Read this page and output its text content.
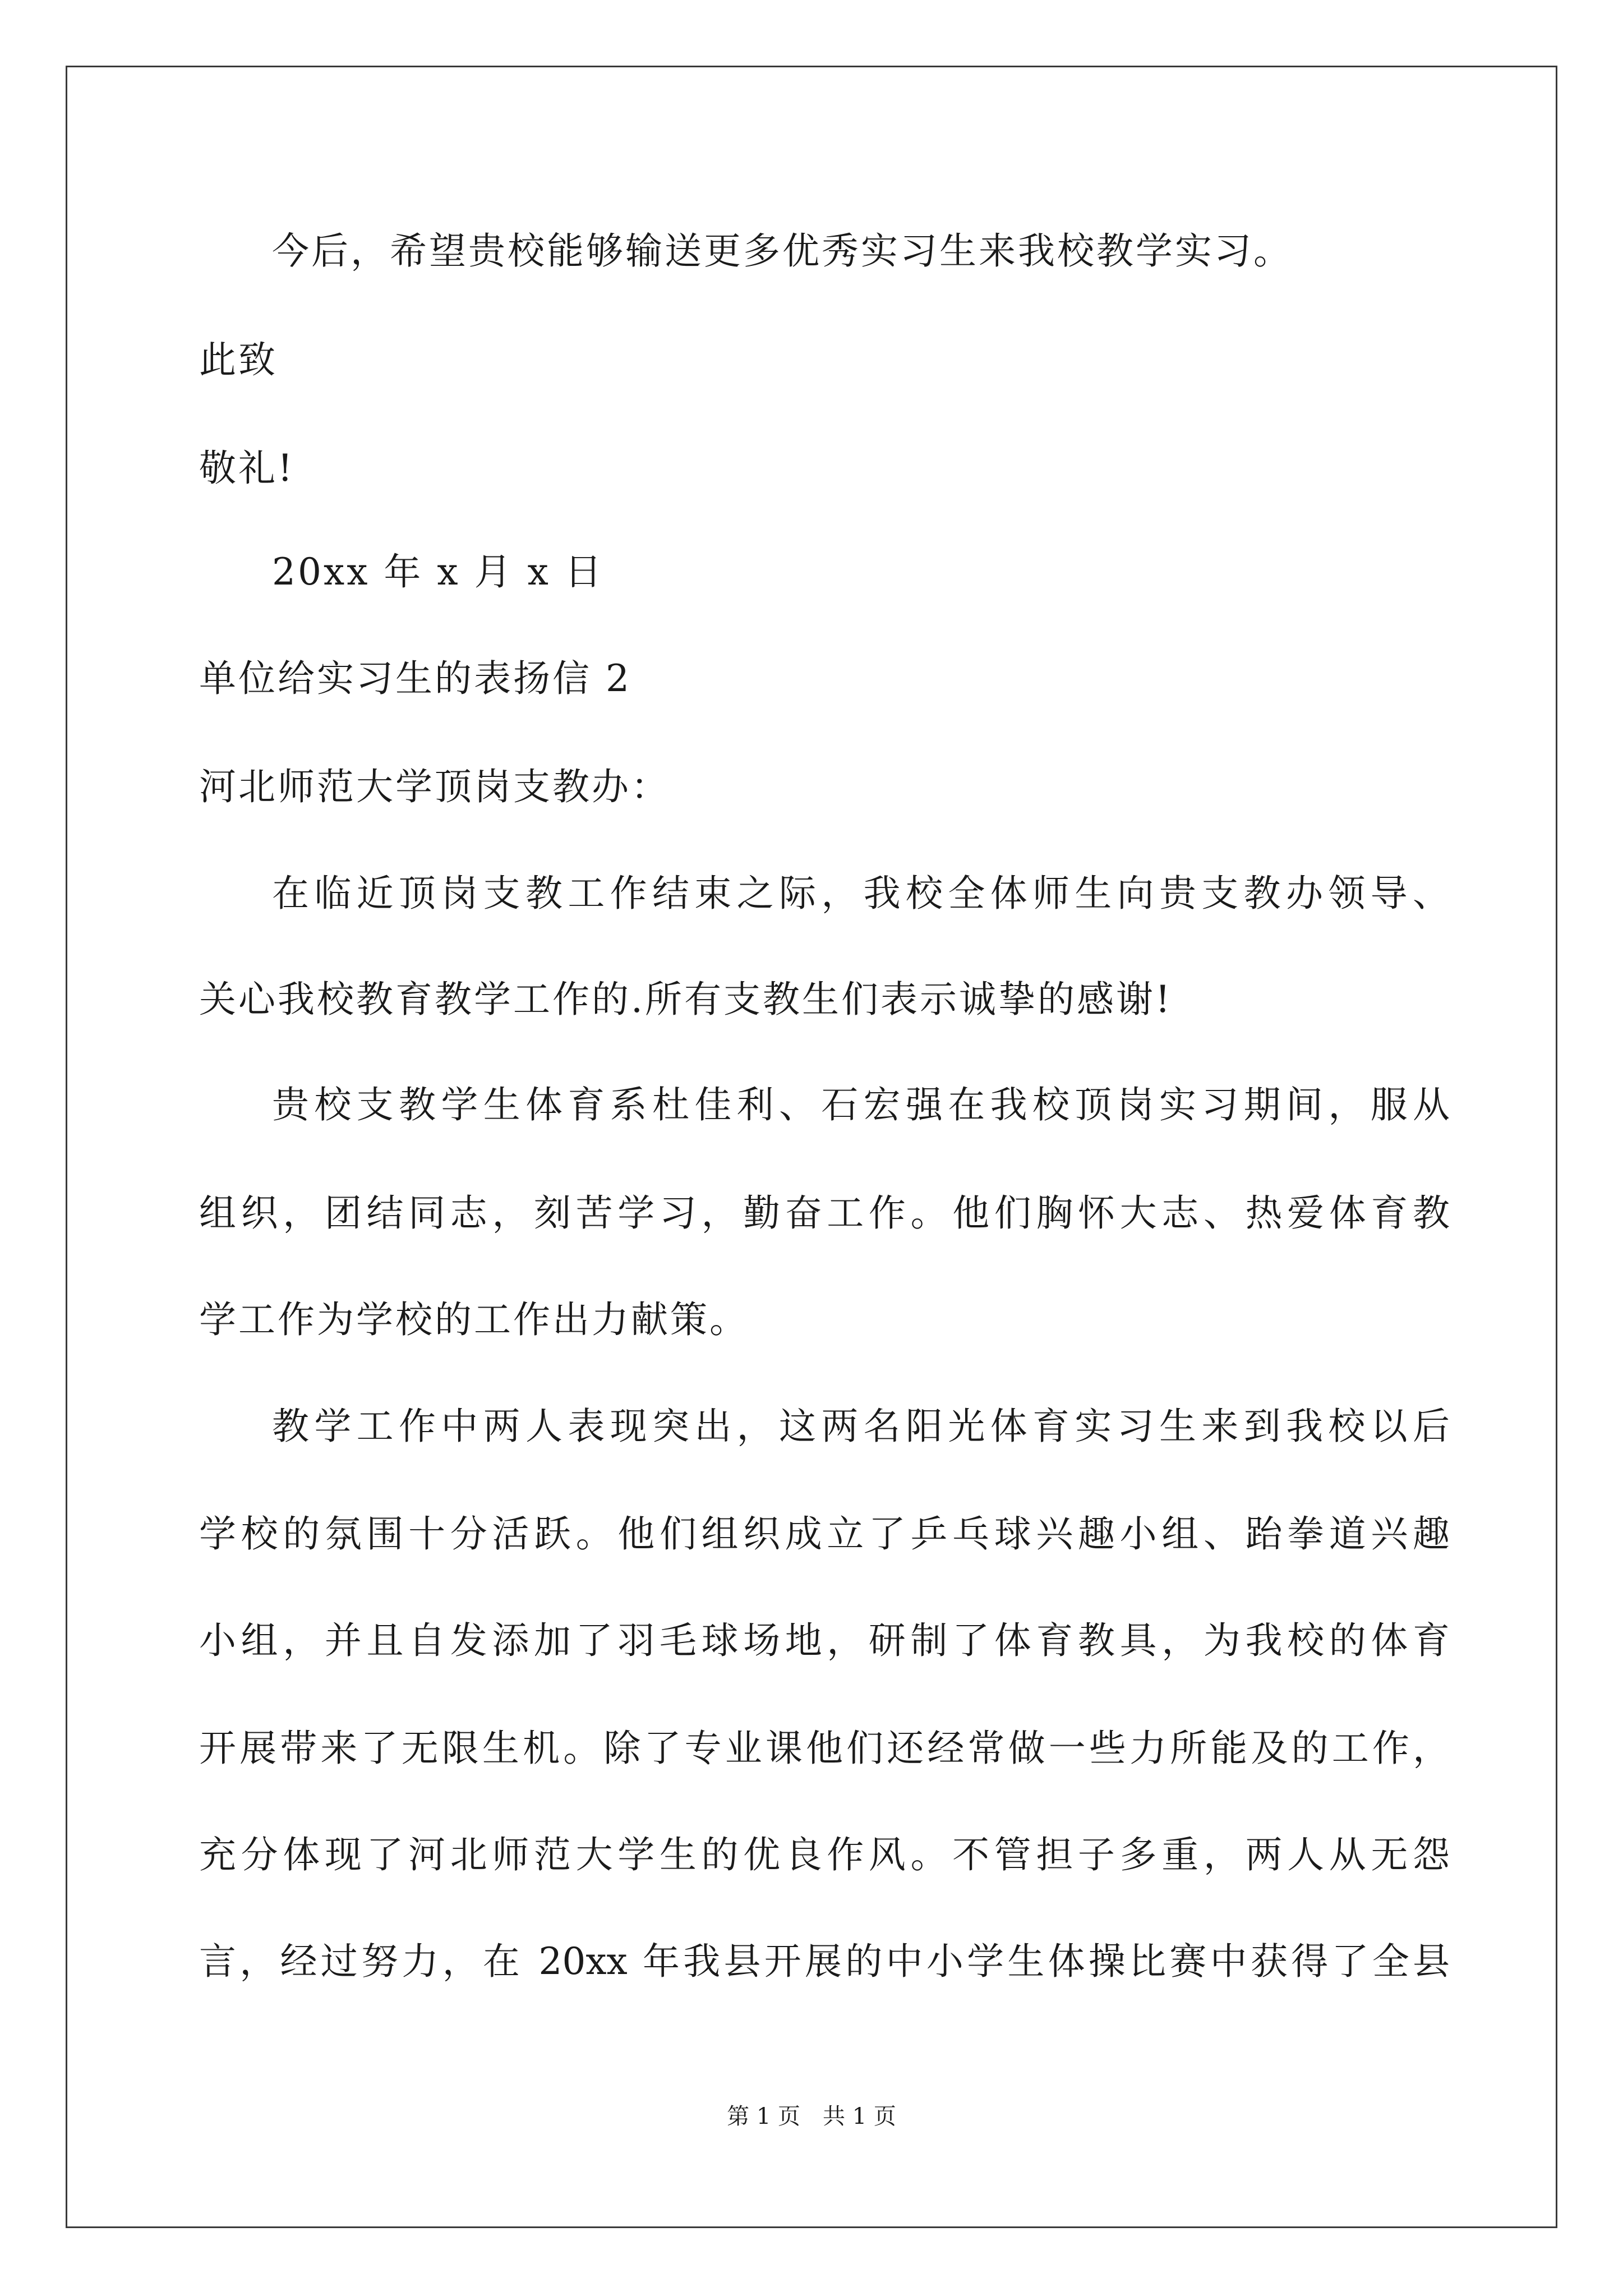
今后，希望贵校能够输送更多优秀实习生来我校教学实习。
此致
敬礼!
20xx 年 x 月 x 日
单位给实习生的表扬信 2
河北师范大学顶岗支教办：
在临近顶岗支教工作结束之际，我校全体师生向贵支教办领导、
关心我校教育教学工作的.所有支教生们表示诚挚的感谢!
贵校支教学生体育系杜佳利、石宏强在我校顶岗实习期间，服从
组织，团结同志，刻苦学习，勤奋工作。他们胸怀大志、热爱体育教
学工作为学校的工作出力献策。
教学工作中两人表现突出，这两名阳光体育实习生来到我校以后
学校的氛围十分活跃。他们组织成立了乒乓球兴趣小组、跆拳道兴趣
小组，并且自发添加了羽毛球场地，研制了体育教具，为我校的体育
开展带来了无限生机。除了专业课他们还经常做一些力所能及的工作，
充分体现了河北师范大学生的优良作风。不管担子多重，两人从无怨
言，经过努力，在 20xx 年我县开展的中小学生体操比赛中获得了全县
第 1 页　共 1 页
